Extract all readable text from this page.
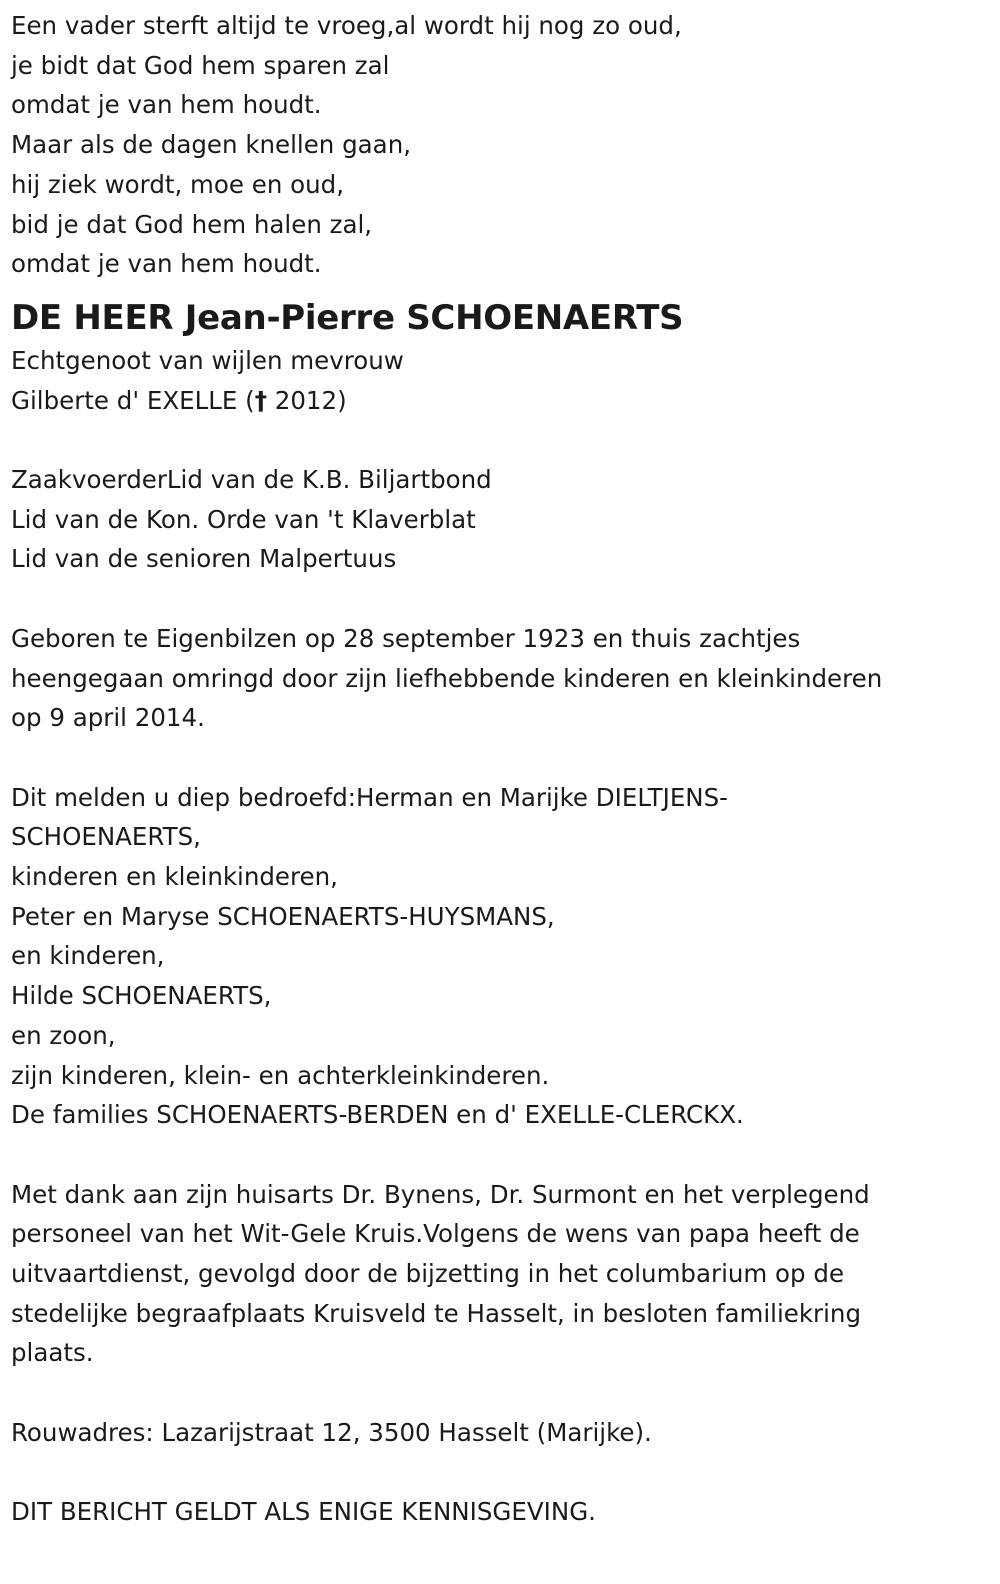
Een vader sterft altijd te vroeg,al wordt hij nog zo oud,
je bidt dat God hem sparen zal
omdat je van hem houdt.
Maar als de dagen knellen gaan,
hij ziek wordt, moe en oud,
bid je dat God hem halen zal,
omdat je van hem houdt.
DE HEER Jean-Pierre SCHOENAERTS
Echtgenoot van wijlen mevrouw
Gilberte d' EXELLE († 2012)
ZaakvoerderLid van de K.B. Biljartbond
Lid van de Kon. Orde van 't Klaverblat
Lid van de senioren Malpertuus
Geboren te Eigenbilzen op 28 september 1923 en thuis zachtjes
heengegaan omringd door zijn liefhebbende kinderen en kleinkinderen
op 9 april 2014.
Dit melden u diep bedroefd:Herman en Marijke DIELTJENS-
SCHOENAERTS,
kinderen en kleinkinderen,
Peter en Maryse SCHOENAERTS-HUYSMANS,
en kinderen,
Hilde SCHOENAERTS,
en zoon,
zijn kinderen, klein- en achterkleinkinderen.
De families SCHOENAERTS-BERDEN en d' EXELLE-CLERCKX.
Met dank aan zijn huisarts Dr. Bynens, Dr. Surmont en het verplegend
personeel van het Wit-Gele Kruis.Volgens de wens van papa heeft de
uitvaartdienst, gevolgd door de bijzetting in het columbarium op de
stedelijke begraafplaats Kruisveld te Hasselt, in besloten familiekring
plaats.
Rouwadres: Lazarijstraat 12, 3500 Hasselt (Marijke).
DIT BERICHT GELDT ALS ENIGE KENNISGEVING.
